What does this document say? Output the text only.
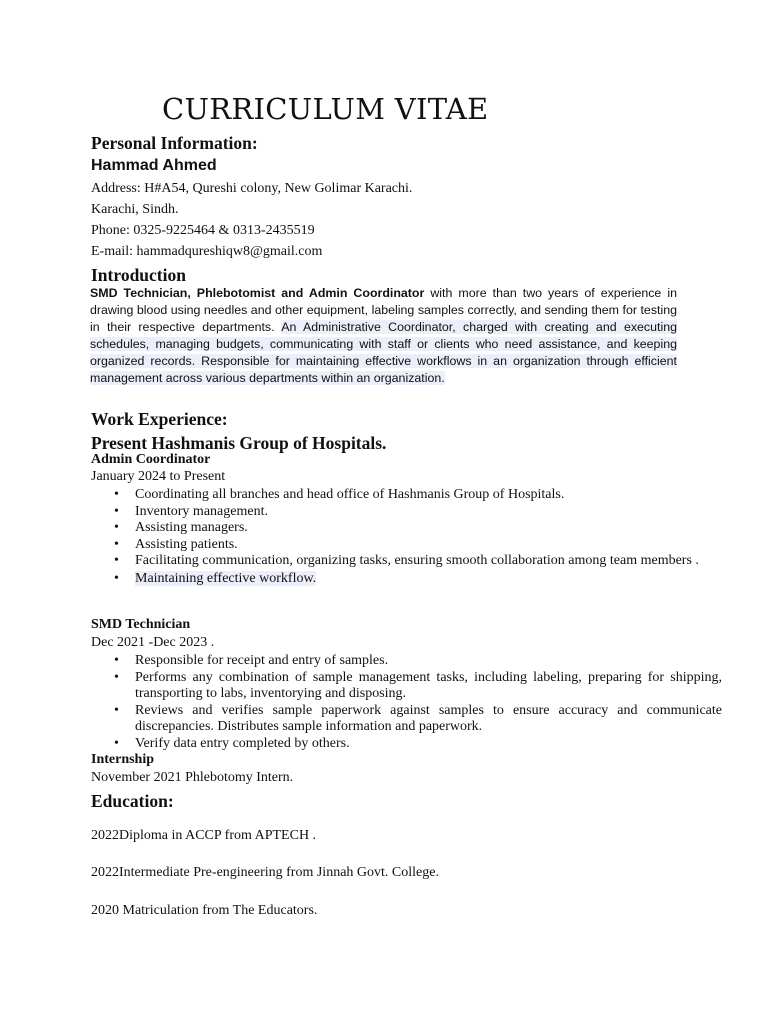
CURRICULUM VITAE
Personal Information:
Hammad Ahmed
Address: H#A54, Qureshi colony, New Golimar Karachi.
Karachi, Sindh.
Phone: 0325-9225464 & 0313-2435519
E-mail: hammadqureshiqw8@gmail.com
Introduction
SMD Technician, Phlebotomist and Admin Coordinator with more than two years of experience in drawing blood using needles and other equipment, labeling samples correctly, and sending them for testing in their respective departments. An Administrative Coordinator, charged with creating and executing schedules, managing budgets, communicating with staff or clients who need assistance, and keeping organized records. Responsible for maintaining effective workflows in an organization through efficient management across various departments within an organization.
Work Experience:
Present Hashmanis Group of Hospitals.
Admin Coordinator
January 2024 to Present
• Coordinating all branches and head office of Hashmanis Group of Hospitals.
• Inventory management.
• Assisting managers.
• Assisting patients.
• Facilitating communication, organizing tasks, ensuring smooth collaboration among team members .
• Maintaining effective workflow.
SMD Technician
Dec 2021 -Dec 2023 .
• Responsible for receipt and entry of samples.
• Performs any combination of sample management tasks, including labeling, preparing for shipping, transporting to labs, inventorying and disposing.
• Reviews and verifies sample paperwork against samples to ensure accuracy and communicate discrepancies. Distributes sample information and paperwork.
• Verify data entry completed by others.
Internship
November 2021 Phlebotomy Intern.
Education:
2022Diploma in ACCP from APTECH .
2022Intermediate Pre-engineering from Jinnah Govt. College.
2020 Matriculation from The Educators.
